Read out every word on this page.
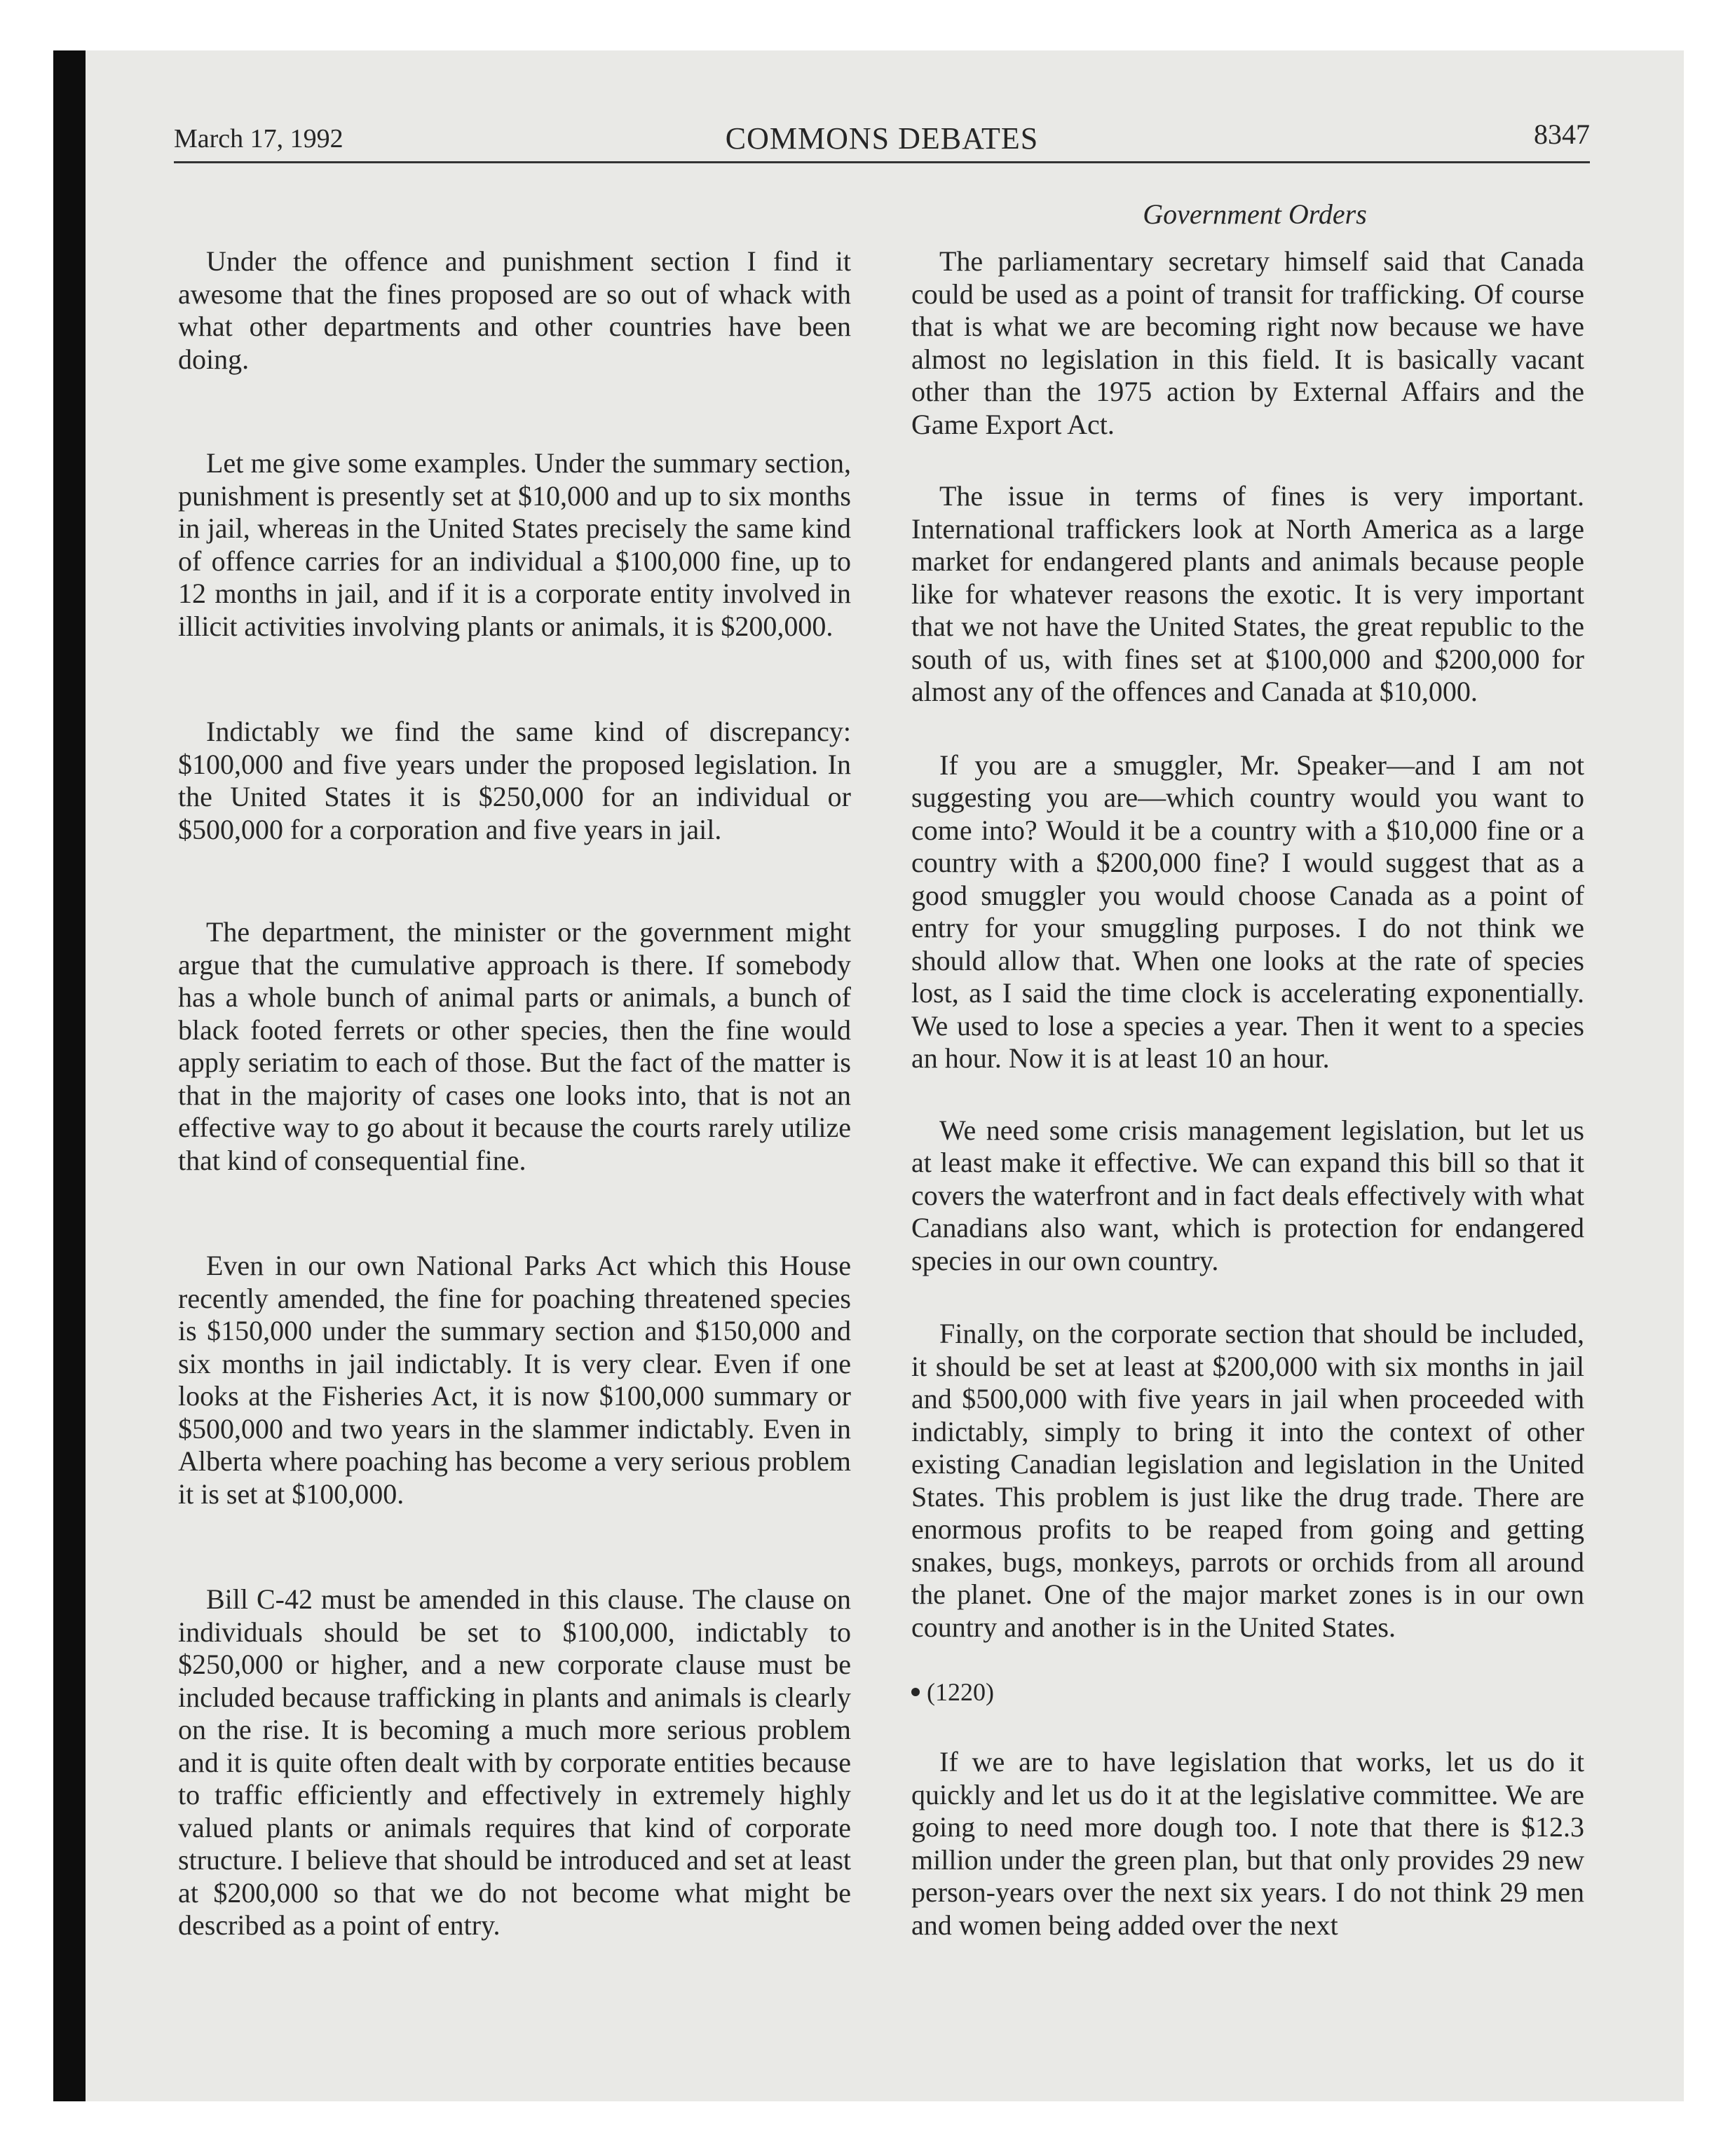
March 17, 1992	COMMONS DEBATES	8347
Government Orders

Under the offence and punishment section I find it awesome that the fines proposed are so out of whack with what other departments and other countries have been doing.

Let me give some examples. Under the summary section, punishment is presently set at $10,000 and up to six months in jail, whereas in the United States precisely the same kind of offence carries for an individual a $100,000 fine, up to 12 months in jail, and if it is a corporate entity involved in illicit activities involving plants or animals, it is $200,000.

Indictably we find the same kind of discrepancy: $100,000 and five years under the proposed legislation. In the United States it is $250,000 for an individual or $500,000 for a corporation and five years in jail.

The department, the minister or the government might argue that the cumulative approach is there. If somebody has a whole bunch of animal parts or animals, a bunch of black footed ferrets or other species, then the fine would apply seriatim to each of those. But the fact of the matter is that in the majority of cases one looks into, that is not an effective way to go about it because the courts rarely utilize that kind of consequential fine.

Even in our own National Parks Act which this House recently amended, the fine for poaching threatened species is $150,000 under the summary section and $150,000 and six months in jail indictably. It is very clear. Even if one looks at the Fisheries Act, it is now $100,000 summary or $500,000 and two years in the slammer indictably. Even in Alberta where poaching has become a very serious problem it is set at $100,000.

Bill C-42 must be amended in this clause. The clause on individuals should be set to $100,000, indictably to $250,000 or higher, and a new corporate clause must be included because trafficking in plants and animals is clearly on the rise. It is becoming a much more serious problem and it is quite often dealt with by corporate entities because to traffic efficiently and effectively in extremely highly valued plants or animals requires that kind of corporate structure. I believe that should be introduced and set at least at $200,000 so that we do not become what might be described as a point of entry.

The parliamentary secretary himself said that Canada could be used as a point of transit for trafficking. Of course that is what we are becoming right now because we have almost no legislation in this field. It is basically vacant other than the 1975 action by External Affairs and the Game Export Act.

The issue in terms of fines is very important. International traffickers look at North America as a large market for endangered plants and animals because people like for whatever reasons the exotic. It is very important that we not have the United States, the great republic to the south of us, with fines set at $100,000 and $200,000 for almost any of the offences and Canada at $10,000.

If you are a smuggler, Mr. Speaker—and I am not suggesting you are—which country would you want to come into? Would it be a country with a $10,000 fine or a country with a $200,000 fine? I would suggest that as a good smuggler you would choose Canada as a point of entry for your smuggling purposes. I do not think we should allow that. When one looks at the rate of species lost, as I said the time clock is accelerating exponentially. We used to lose a species a year. Then it went to a species an hour. Now it is at least 10 an hour.

We need some crisis management legislation, but let us at least make it effective. We can expand this bill so that it covers the waterfront and in fact deals effectively with what Canadians also want, which is protection for endangered species in our own country.

Finally, on the corporate section that should be included, it should be set at least at $200,000 with six months in jail and $500,000 with five years in jail when proceeded with indictably, simply to bring it into the context of other existing Canadian legislation and legislation in the United States. This problem is just like the drug trade. There are enormous profits to be reaped from going and getting snakes, bugs, monkeys, parrots or orchids from all around the planet. One of the major market zones is in our own country and another is in the United States.

(1220)

If we are to have legislation that works, let us do it quickly and let us do it at the legislative committee. We are going to need more dough too. I note that there is $12.3 million under the green plan, but that only provides 29 new person-years over the next six years. I do not think 29 men and women being added over the next
